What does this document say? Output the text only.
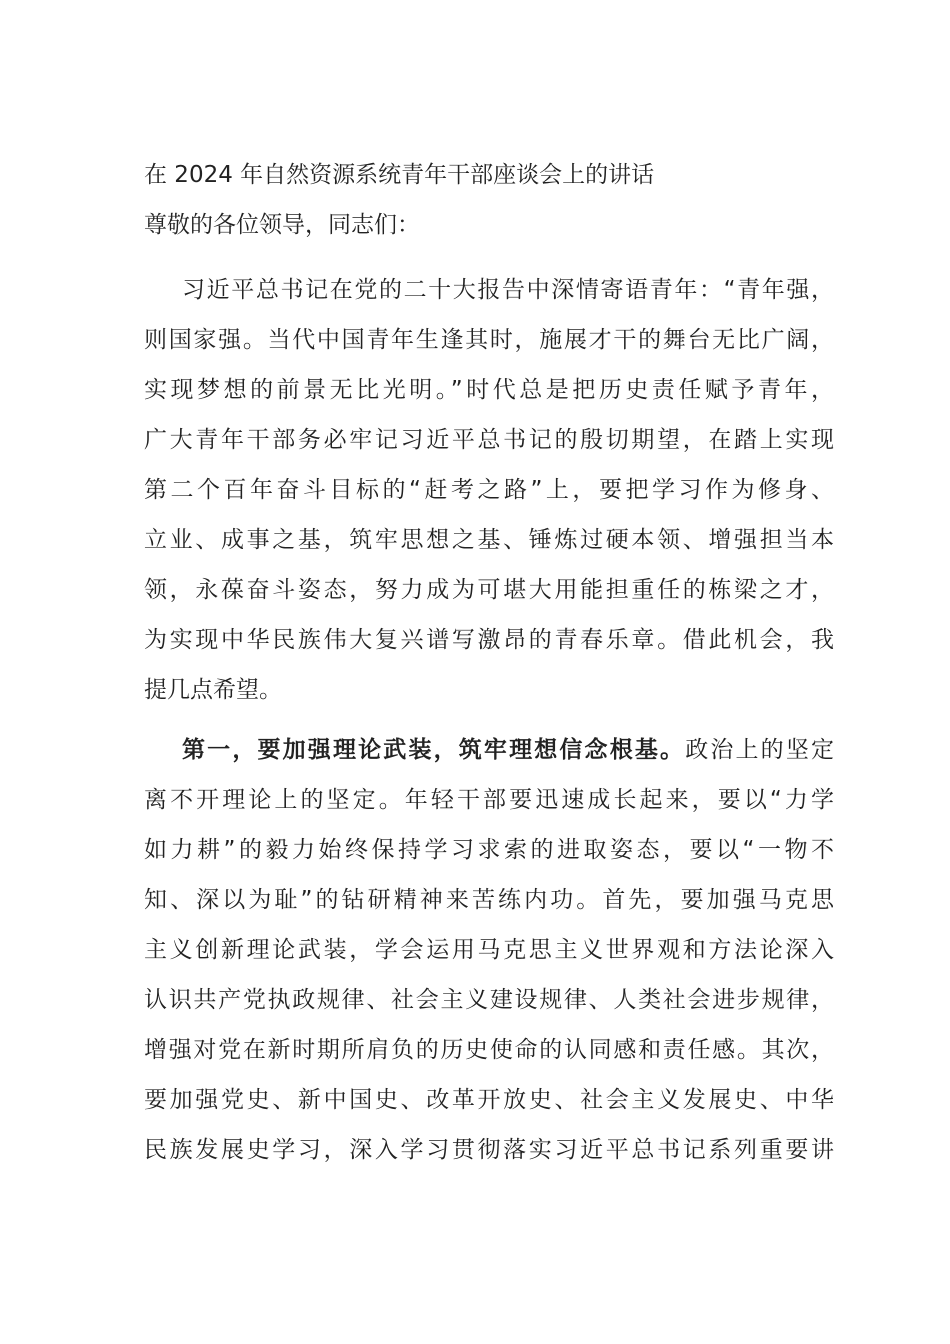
在 2024 年自然资源系统青年干部座谈会上的讲话

尊敬的各位领导，同志们：

习近平总书记在党的二十大报告中深情寄语青年：“青年强，
则国家强。当代中国青年生逢其时，施展才干的舞台无比广阔，
实现梦想的前景无比光明。”时代总是把历史责任赋予青年，
广大青年干部务必牢记习近平总书记的殷切期望，在踏上实现
第二个百年奋斗目标的“赶考之路”上，要把学习作为修身、
立业、成事之基，筑牢思想之基、锤炼过硬本领、增强担当本
领，永葆奋斗姿态，努力成为可堪大用能担重任的栋梁之才，
为实现中华民族伟大复兴谱写激昂的青春乐章。借此机会，我
提几点希望。
第一，要加强理论武装，筑牢理想信念根基。政治上的坚定
离不开理论上的坚定。年轻干部要迅速成长起来，要以“力学
如力耕”的毅力始终保持学习求索的进取姿态，要以“一物不
知、深以为耻”的钻研精神来苦练内功。首先，要加强马克思
主义创新理论武装，学会运用马克思主义世界观和方法论深入
认识共产党执政规律、社会主义建设规律、人类社会进步规律，
增强对党在新时期所肩负的历史使命的认同感和责任感。其次，
要加强党史、新中国史、改革开放史、社会主义发展史、中华
民族发展史学习，深入学习贯彻落实习近平总书记系列重要讲
